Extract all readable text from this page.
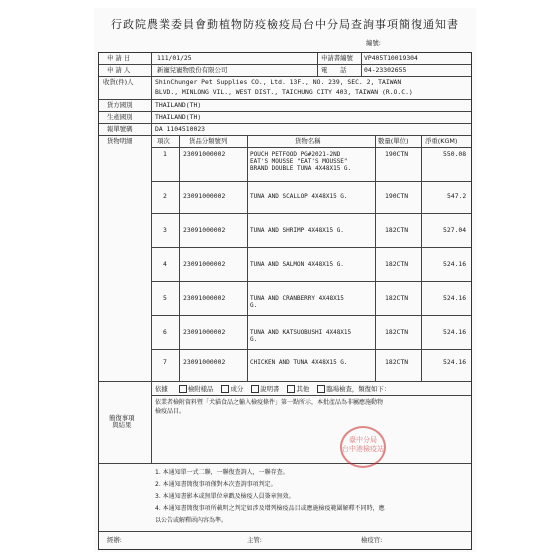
行政院農業委員會動植物防疫檢疫局台中分局查詢事項簡復通知書
編號:
申 請 日	111/01/25	申請書編號 VP405T10019304
申 請 人	新寵兒寵物股份有限公司	電　　話	04-23302655
收貨(件)人	ShinChunger Pet Supplies CO., Ltd. 13F., NO. 239, SEC. 2, TAIWAN
BLVD., MINLONG VIL., WEST DIST., TAICHUNG CITY 403, TAIWAN (R.O.C.)
貨方國別	THAILAND(TH)
生產國別	THAILAND(TH)
報單號碼	DA 1104510023
貨物明細	項次	貨品分類號列	貨物名稱	數量(單位)	淨重(KGM)
1	23091000002	POUCH PETFOOD PG#2021-2ND
EAT'S MOUSSE "EAT'S MOUSSE"
BRAND DOUBLE TUNA 4X48X15 G.
190CTN	550.08
2	23091000002	TUNA AND SCALLOP 4X48X15 G.	190CTN	547.2
3	23091000002	TUNA AND SHRIMP 4X48X15 G.	182CTN	527.04
4	23091000002	TUNA AND SALMON 4X48X15 G.	182CTN	524.16
5	23091000002	TUNA AND CRANBERRY 4X48X15
G.
182CTN	524.16
6	23091000002	TUNA AND KATSUOBUSHI 4X48X15
G.
182CTN	524.16
7	23091000002	CHICKEN AND TUNA 4X48X15 G.	182CTN	524.16
依據	檢附樣品	成分	說明書	其他	臨場檢查，類復如下：
簡復事項
與結果
依業者檢附資料暨「犬貓食品之輸入檢疫條件」第一點所示，本批產品為非屬應施動物
檢疫品目。
1. 本通知單一式二聯，一聯復查詢人，一聯存查。
2. 本通知書簡復事項僅對本次查詢事項判定。
3. 本通知書影本或無單位章戳及檢疫人員簽章無效。
4. 本通知書簡復事項所載明之判定如涉及增列檢疫品目或應施檢疫範圍解釋不同時，應
以公告或解釋函內容為準。
經辦:	主管:	檢疫官:
臺中分局
台中港檢疫站
